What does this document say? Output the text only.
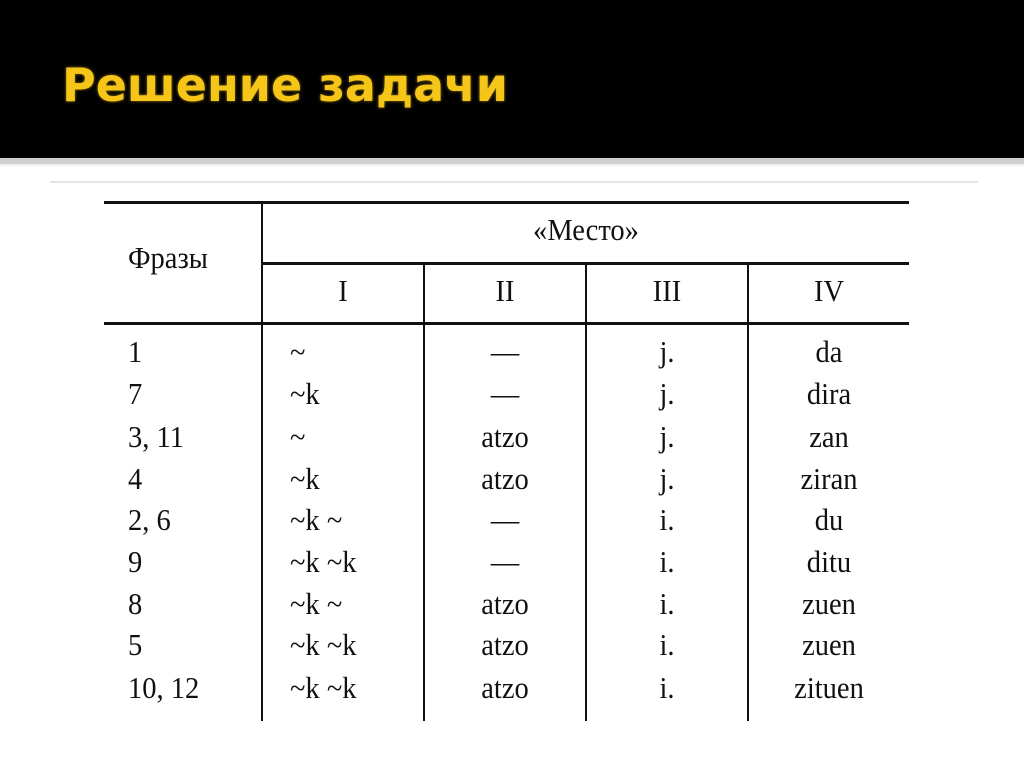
Решение задачи
Фразы
«Место»
I	II	III	IV
1	~	—	j.	da
7	~k	—	j.	dira
3, 11	~	atzo	j.	zan
4	~k	atzo	j.	ziran
2, 6	~k ~	—	i.	du
9	~k ~k	—	i.	ditu
8	~k ~	atzo	i.	zuen
5	~k ~k	atzo	i.	zuen
10, 12	~k ~k	atzo	i.	zituen
